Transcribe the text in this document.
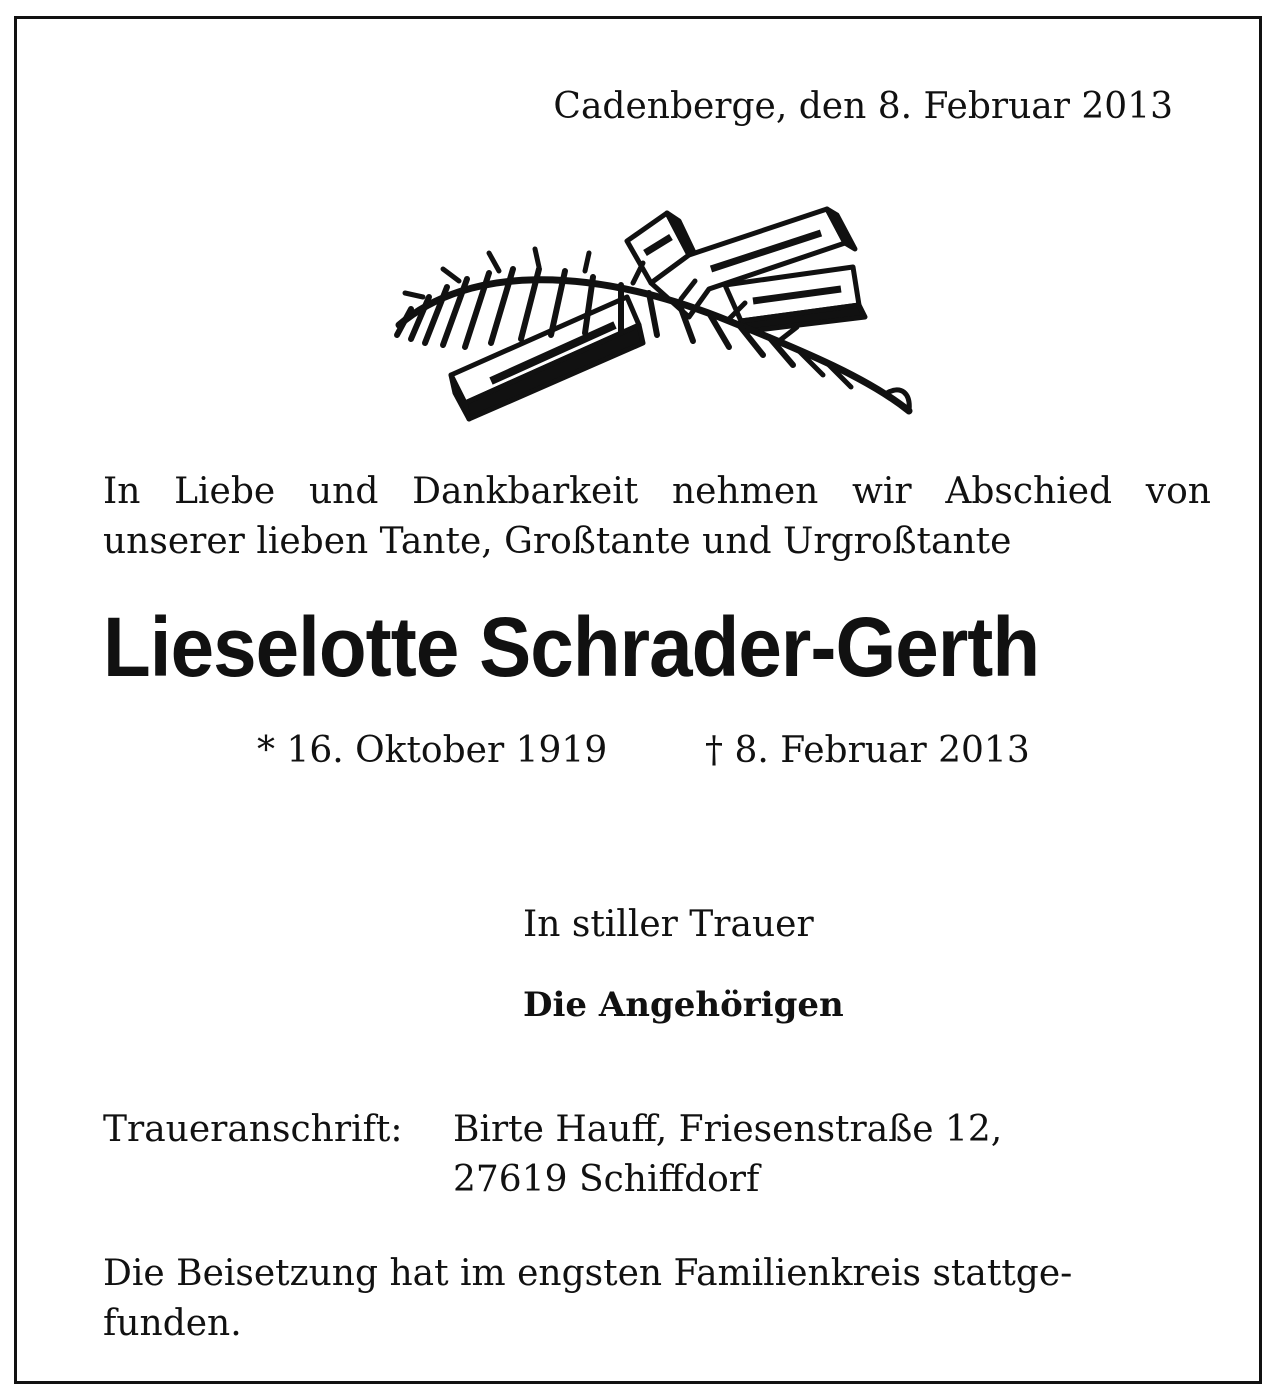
Cadenberge, den 8. Februar 2013
In Liebe und Dankbarkeit nehmen wir Abschied von
unserer lieben Tante, Großtante und Urgroßtante
Lieselotte Schrader-Gerth
* 16. Oktober 1919	† 8. Februar 2013
In stiller Trauer
Die Angehörigen
Traueranschrift: Birte Hauff, Friesenstraße 12,
27619 Schiffdorf
Die Beisetzung hat im engsten Familienkreis stattge-
funden.
